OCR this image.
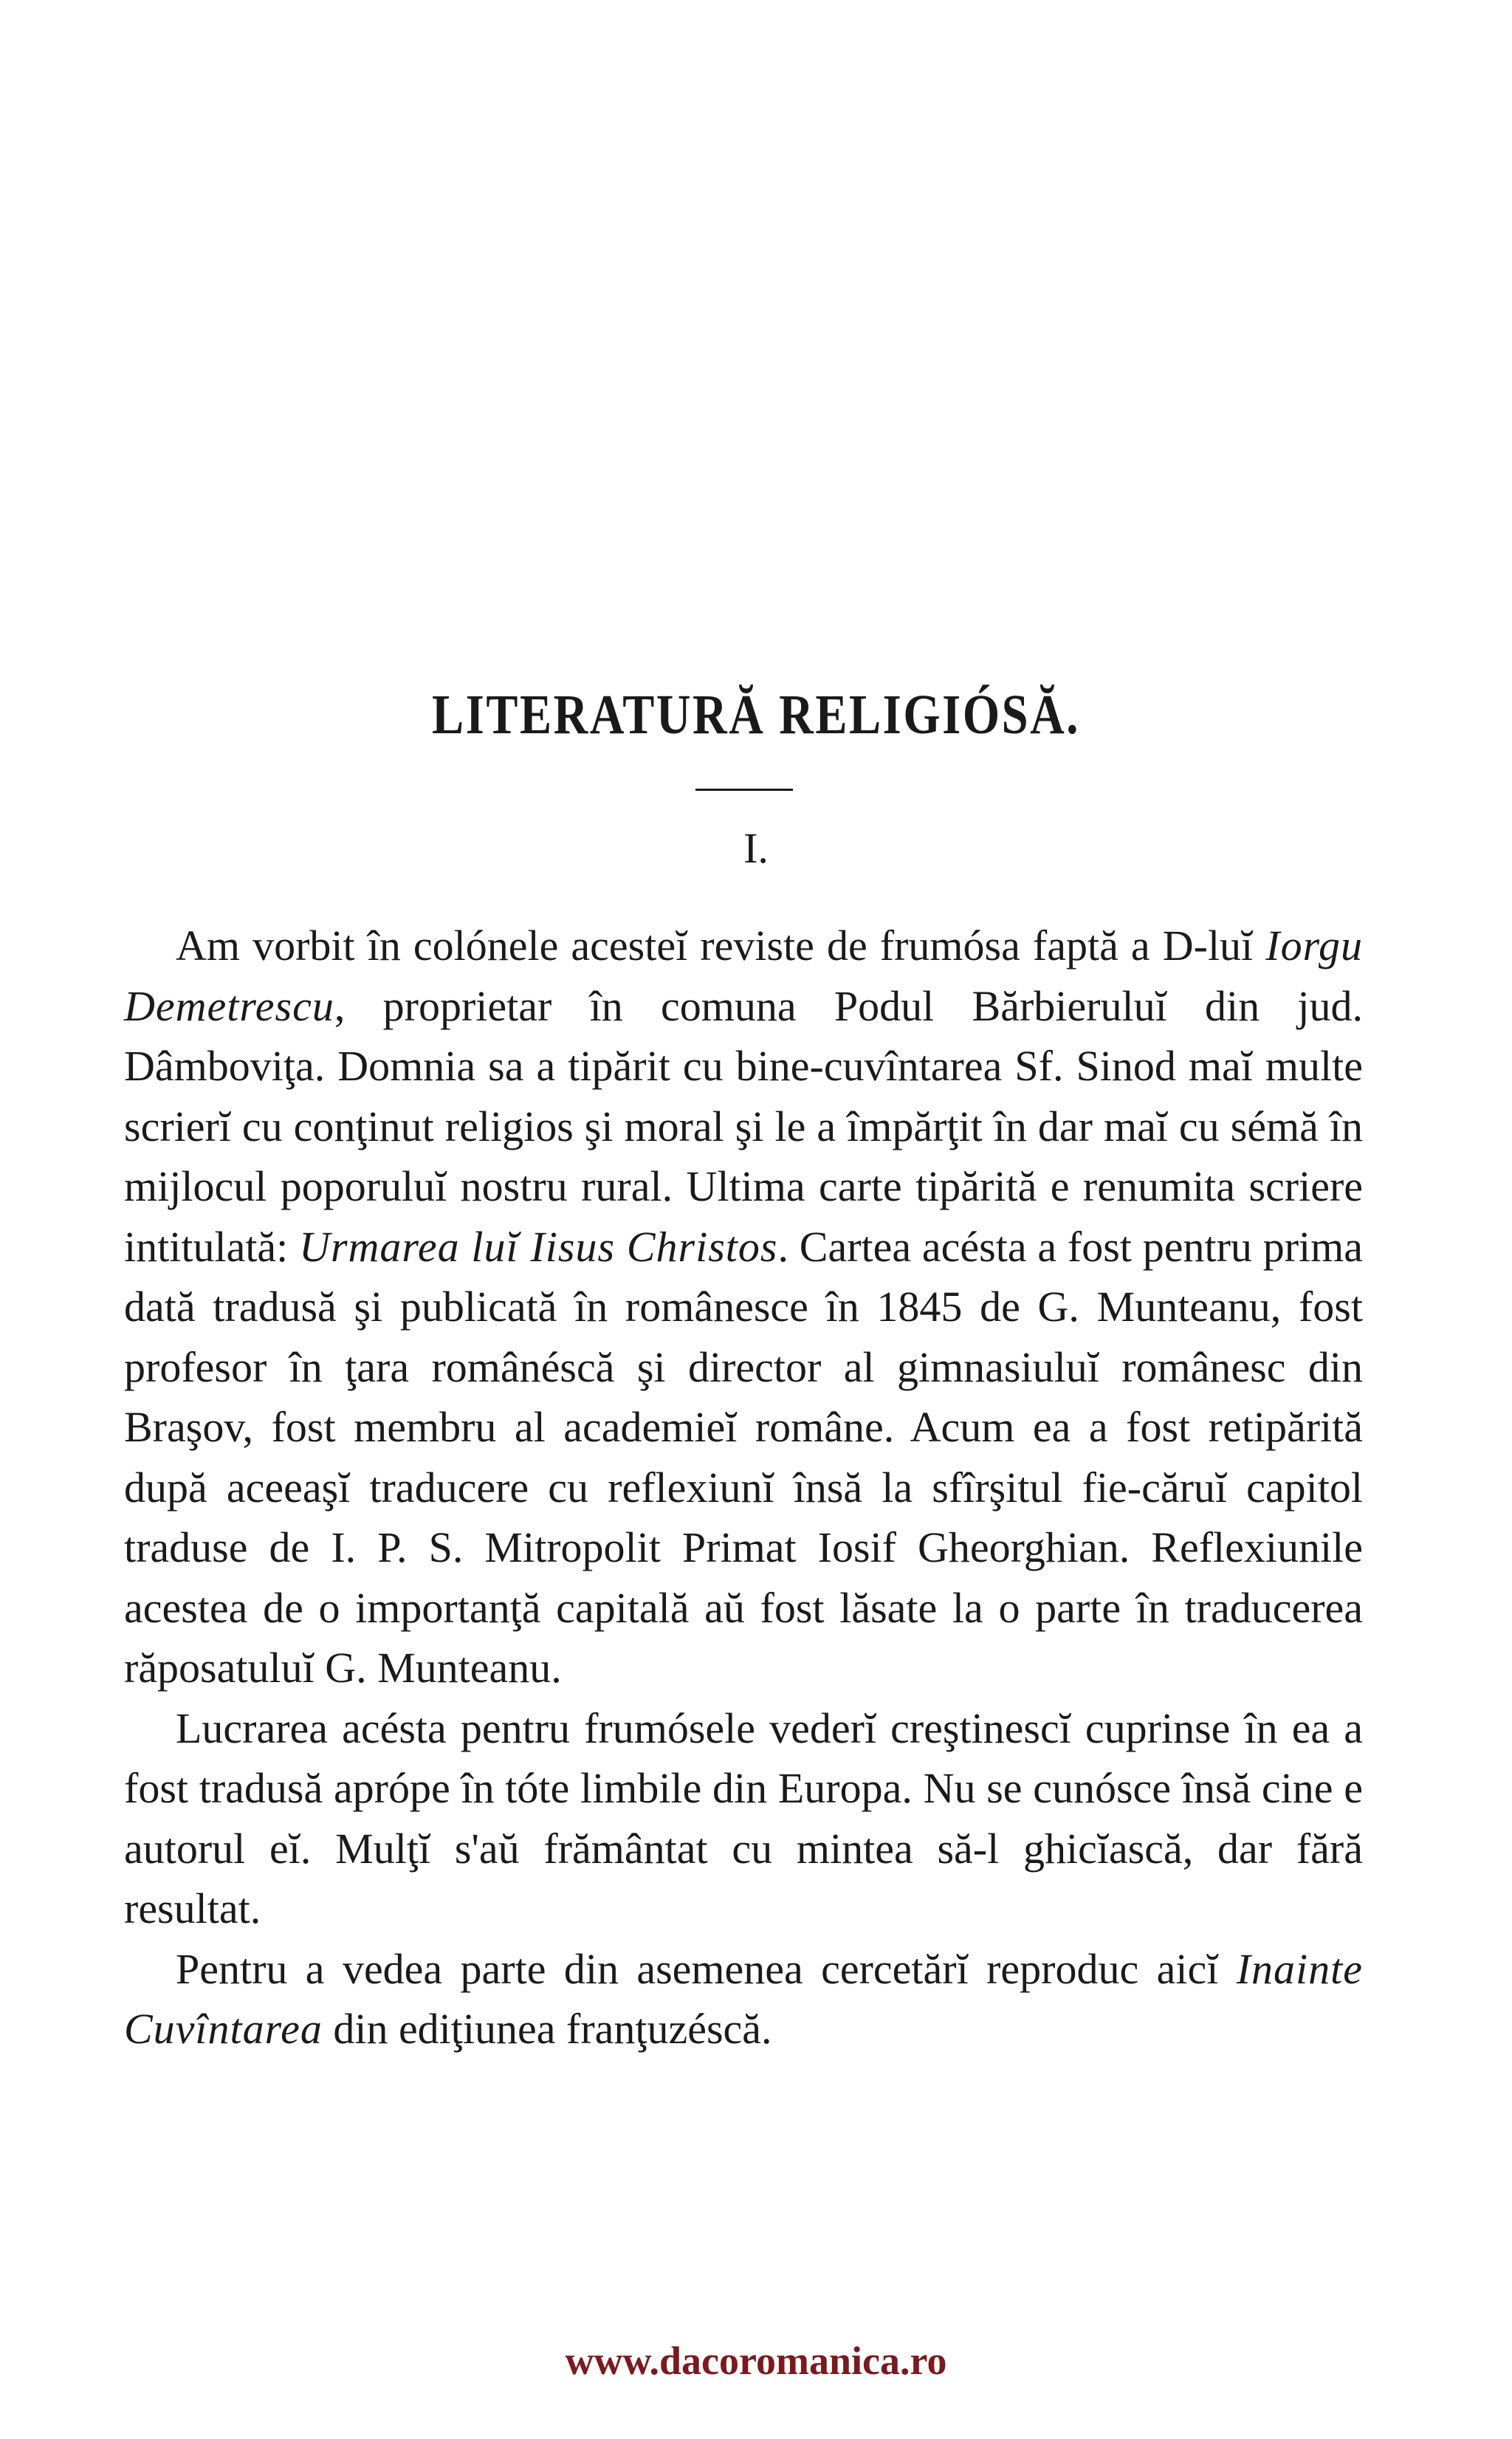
LITERATURĂ RELIGIÓSĂ.
I.

Am vorbit în colónele acesteĭ reviste de frumósa faptă a D-luĭ Iorgu Demetrescu, proprietar în comuna Podul Bărbieruluĭ din jud. Dâmboviţa. Domnia sa a tipărit cu bine-cuvîntarea Sf. Sinod maĭ multe scrierĭ cu conţinut religios şi moral şi le a împărţit în dar maĭ cu sémă în mijlocul poporuluĭ nostru rural. Ultima carte tipărită e renumita scriere intitulată: Urmarea luĭ Iisus Christos. Cartea acésta a fost pentru prima dată tradusă şi publicată în românesce în 1845 de G. Munteanu, fost profesor în ţara românéscă şi director al gimnasiuluĭ românesc din Braşov, fost membru al academieĭ române. Acum ea a fost retipărită după aceeaşĭ traducere cu reflexiunĭ însă la sfîrşitul fie-căruĭ capitol traduse de I. P. S. Mitropolit Primat Iosif Gheorghian. Reflexiunile acestea de o importanţă capitală aŭ fost lăsate la o parte în traducerea răposatuluĭ G. Munteanu.

Lucrarea acésta pentru frumósele vederĭ creştinescĭ cuprinse în ea a fost tradusă aprópe în tóte limbile din Europa. Nu se cunósce însă cine e autorul eĭ. Mulţĭ s'aŭ frământat cu mintea să-l ghicĭască, dar fără resultat.

Pentru a vedea parte din asemenea cercetărĭ reproduc aicĭ Inainte Cuvîntarea din ediţiunea franţuzéscă.

www.dacoromanica.ro
